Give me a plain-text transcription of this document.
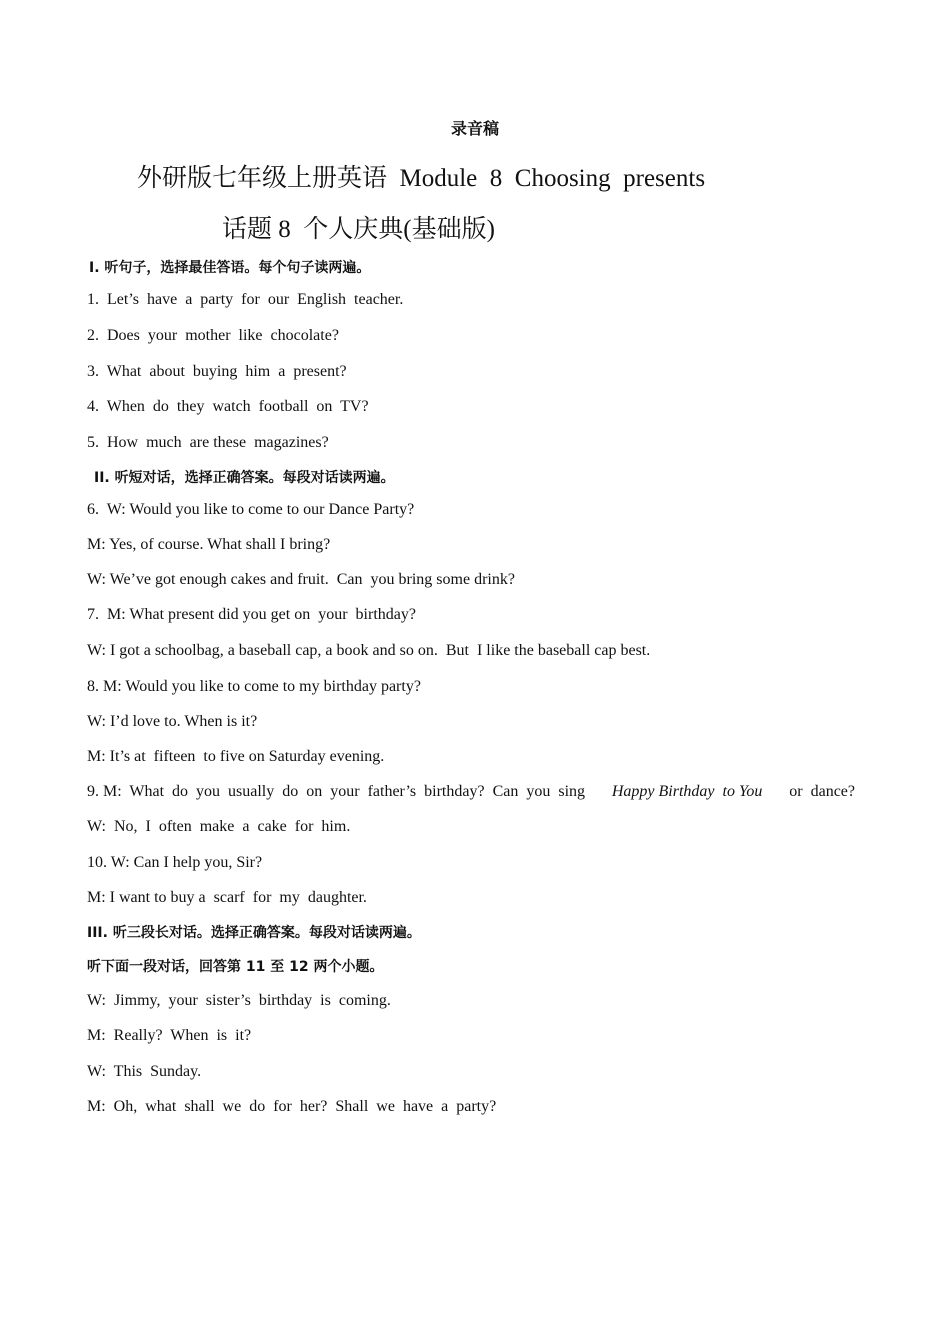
录音稿
外研版七年级上册英语  Module  8  Choosing  presents
话题 8  个人庆典(基础版)
Ⅰ. 听句子，选择最佳答语。每个句子读两遍。
1.  Let’s  have  a  party  for  our  English  teacher.
2.  Does  your  mother  like  chocolate?
3.  What  about  buying  him  a  present?
4.  When  do  they  watch  football  on  TV?
5.  How  much  are these  magazines?
II. 听短对话，选择正确答案。每段对话读两遍。
6.  W: Would you like to come to our Dance Party?
M: Yes, of course. What shall I bring?
W: We’ve got enough cakes and fruit.  Can  you bring some drink?
7.  M: What present did you get on  your  birthday?
W: I got a schoolbag, a baseball cap, a book and so on.  But  I like the baseball cap best.
8. M: Would you like to come to my birthday party?
W: I’d love to. When is it?
M: It’s at  fifteen  to five on Saturday evening.
9. M:  What  do  you  usually  do  on  your  father’s  birthday?  Can  you  sing Happy Birthday  to You or  dance?
W:  No,  I  often  make  a  cake  for  him.
10. W: Can I help you, Sir?
M: I want to buy a  scarf  for  my  daughter.
III. 听三段长对话。选择正确答案。每段对话读两遍。
听下面一段对话，回答第 11 至 12 两个小题。
W:  Jimmy,  your  sister’s  birthday  is  coming.
M:  Really?  When  is  it?
W:  This  Sunday.
M:  Oh,  what  shall  we  do  for  her?  Shall  we  have  a  party?
